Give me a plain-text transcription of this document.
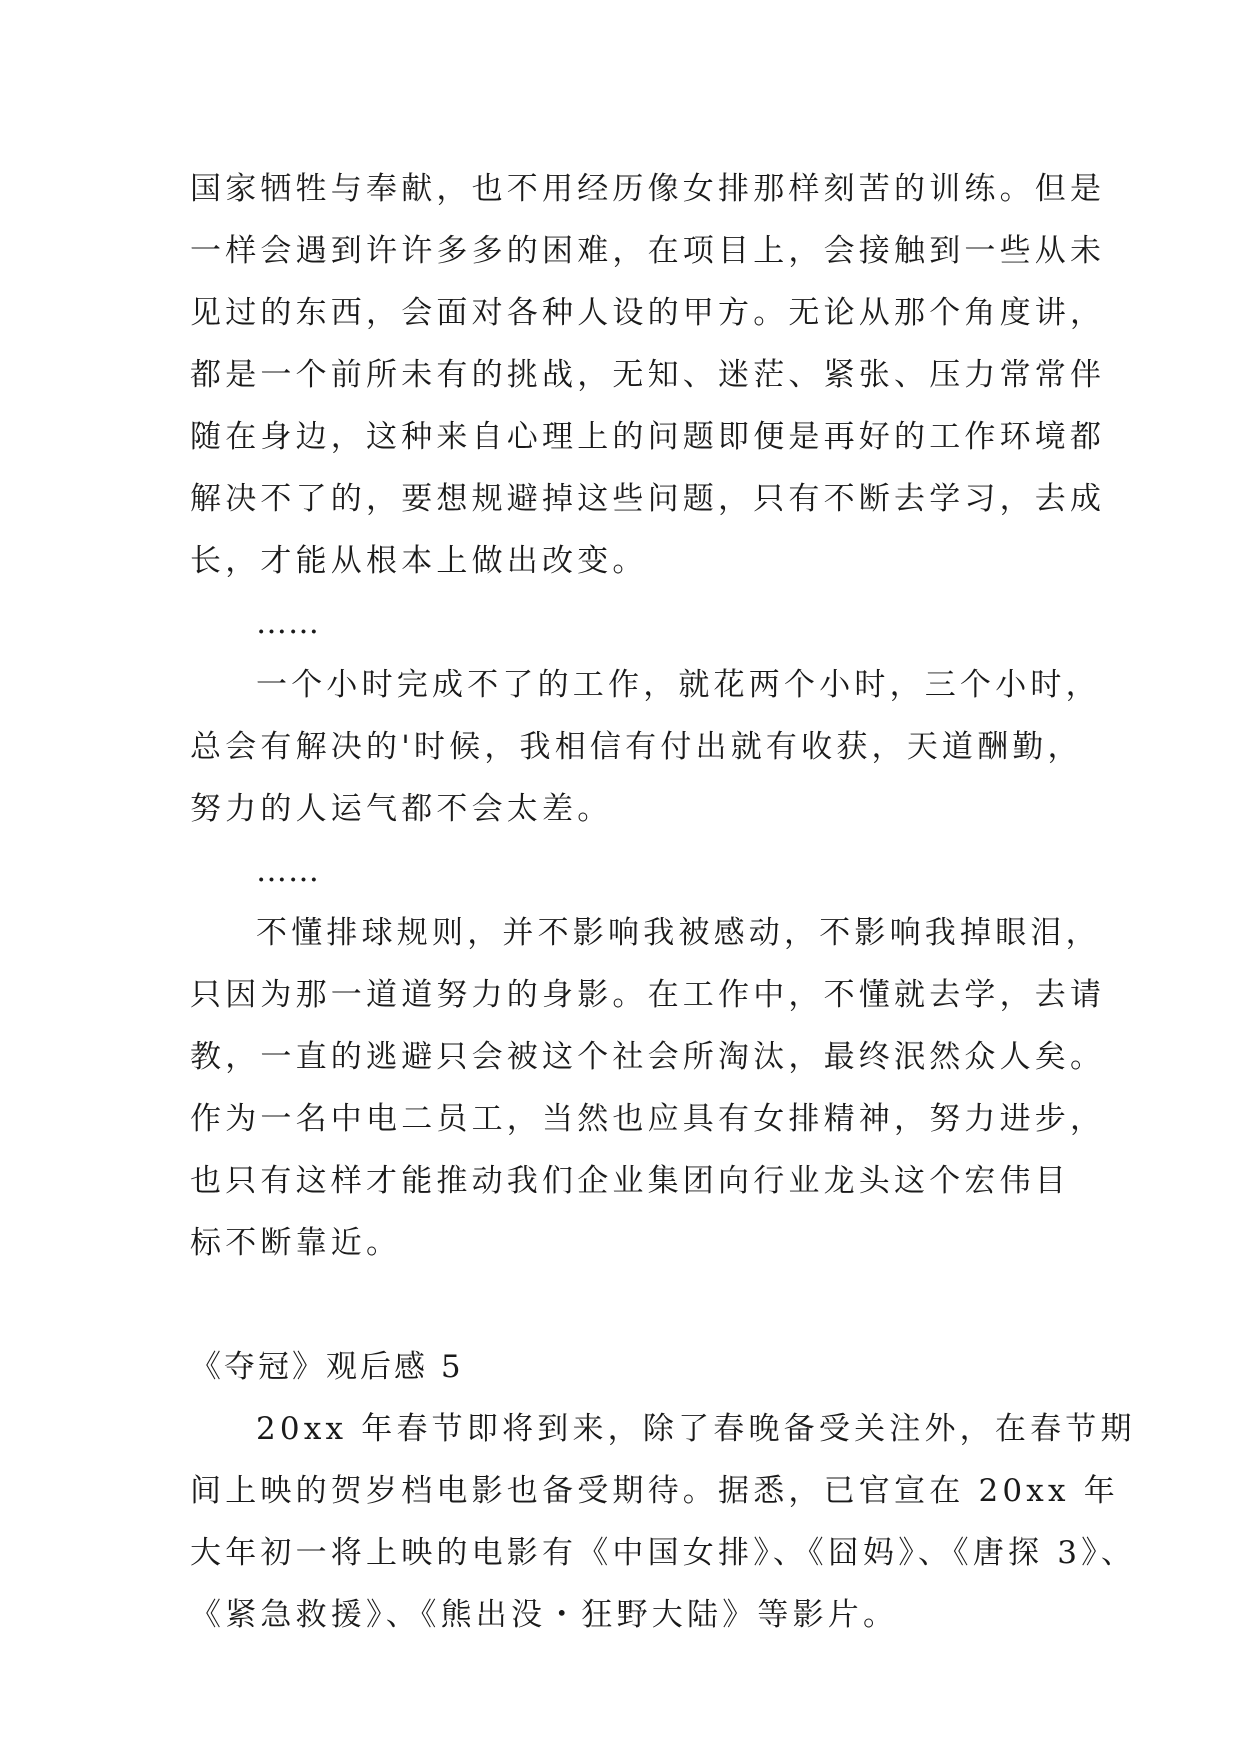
国家牺牲与奉献，也不用经历像女排那样刻苦的训练。但是
一样会遇到许许多多的困难，在项目上，会接触到一些从未
见过的东西，会面对各种人设的甲方。无论从那个角度讲，
都是一个前所未有的挑战，无知、迷茫、紧张、压力常常伴
随在身边，这种来自心理上的问题即便是再好的工作环境都
解决不了的，要想规避掉这些问题，只有不断去学习，去成
长，才能从根本上做出改变。
……
一个小时完成不了的工作，就花两个小时，三个小时，
总会有解决的'时候，我相信有付出就有收获，天道酬勤，
努力的人运气都不会太差。
……
不懂排球规则，并不影响我被感动，不影响我掉眼泪，
只因为那一道道努力的身影。在工作中，不懂就去学，去请
教，一直的逃避只会被这个社会所淘汰，最终泯然众人矣。
作为一名中电二员工，当然也应具有女排精神，努力进步，
也只有这样才能推动我们企业集团向行业龙头这个宏伟目
标不断靠近。
《夺冠》观后感 5
20xx 年春节即将到来，除了春晚备受关注外，在春节期
间上映的贺岁档电影也备受期待。据悉，已官宣在 20xx 年
大年初一将上映的电影有《中国女排》、《囧妈》、《唐探 3》、
《紧急救援》、《熊出没・狂野大陆》等影片。
